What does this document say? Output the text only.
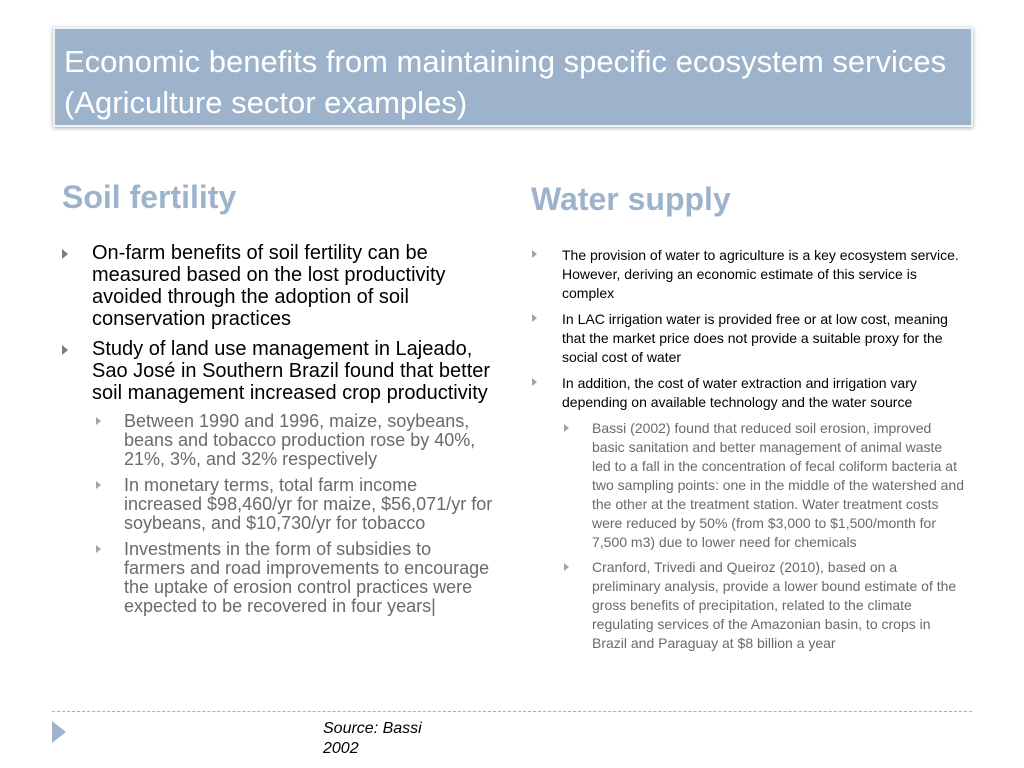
Economic benefits from maintaining specific ecosystem services (Agriculture sector examples)
Soil fertility	Water supply
On-farm benefits of soil fertility can be measured based on the lost productivity avoided through the adoption of soil conservation practices
Study of land use management in Lajeado, Sao José in Southern Brazil found that better soil management increased crop productivity
Between 1990 and 1996, maize, soybeans, beans and tobacco production rose by 40%, 21%, 3%, and 32% respectively
In monetary terms, total farm income increased $98,460/yr for maize, $56,071/yr for soybeans, and $10,730/yr for tobacco
Investments in the form of subsidies to farmers and road improvements to encourage the uptake of erosion control practices were expected to be recovered in four years|
The provision of water to agriculture is a key ecosystem service. However, deriving an economic estimate of this service is complex
In LAC irrigation water is provided free or at low cost, meaning that the market price does not provide a suitable proxy for the social cost of water
In addition, the cost of water extraction and irrigation vary depending on available technology and the water source
Bassi (2002) found that reduced soil erosion, improved basic sanitation and better management of animal waste led to a fall in the concentration of fecal coliform bacteria at two sampling points: one in the middle of the watershed and the other at the treatment station. Water treatment costs were reduced by 50% (from $3,000 to $1,500/month for 7,500 m3) due to lower need for chemicals
Cranford, Trivedi and Queiroz (2010), based on a preliminary analysis, provide a lower bound estimate of the gross benefits of precipitation, related to the climate regulating services of the Amazonian basin, to crops in Brazil and Paraguay at $8 billion a year
Source: Bassi 2002
